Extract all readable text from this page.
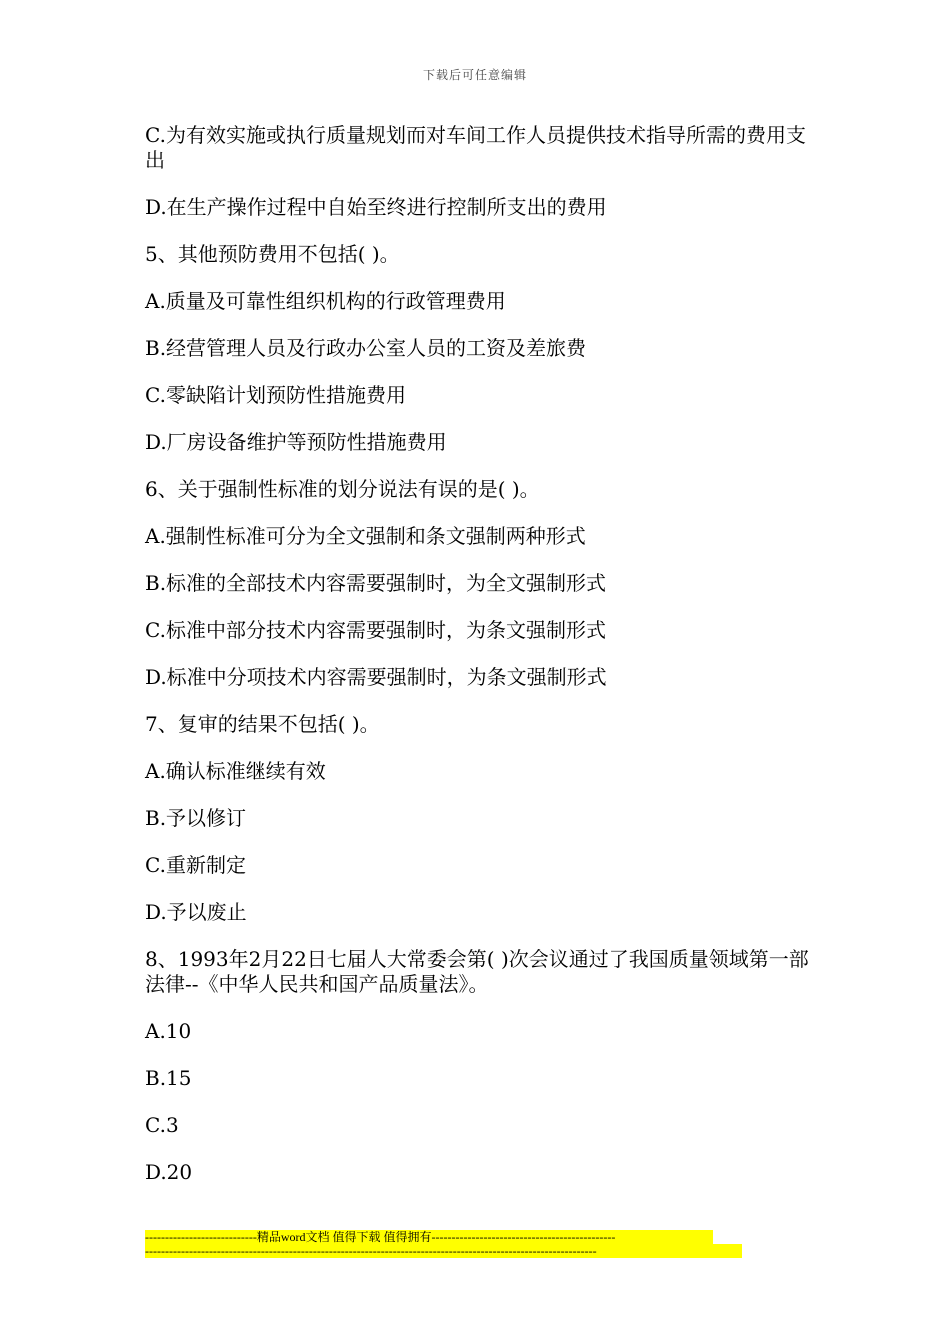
下载后可任意编辑

C.为有效实施或执行质量规划而对车间工作人员提供技术指导所需的费用支出

D.在生产操作过程中自始至终进行控制所支出的费用

5、其他预防费用不包括( )。

A.质量及可靠性组织机构的行政管理费用

B.经营管理人员及行政办公室人员的工资及差旅费

C.零缺陷计划预防性措施费用

D.厂房设备维护等预防性措施费用

6、关于强制性标准的划分说法有误的是( )。

A.强制性标准可分为全文强制和条文强制两种形式

B.标准的全部技术内容需要强制时，为全文强制形式

C.标准中部分技术内容需要强制时，为条文强制形式

D.标准中分项技术内容需要强制时，为条文强制形式

7、复审的结果不包括( )。

A.确认标准继续有效

B.予以修订

C.重新制定

D.予以废止

8、1993年2月22日七届人大常委会第( )次会议通过了我国质量领域第一部法律--《中华人民共和国产品质量法》。

A.10

B.15

C.3

D.20

----------------------------精品word文档 值得下载 值得拥有----------------------------------------------
-----------------------------------------------------------------------------------------------------------------
